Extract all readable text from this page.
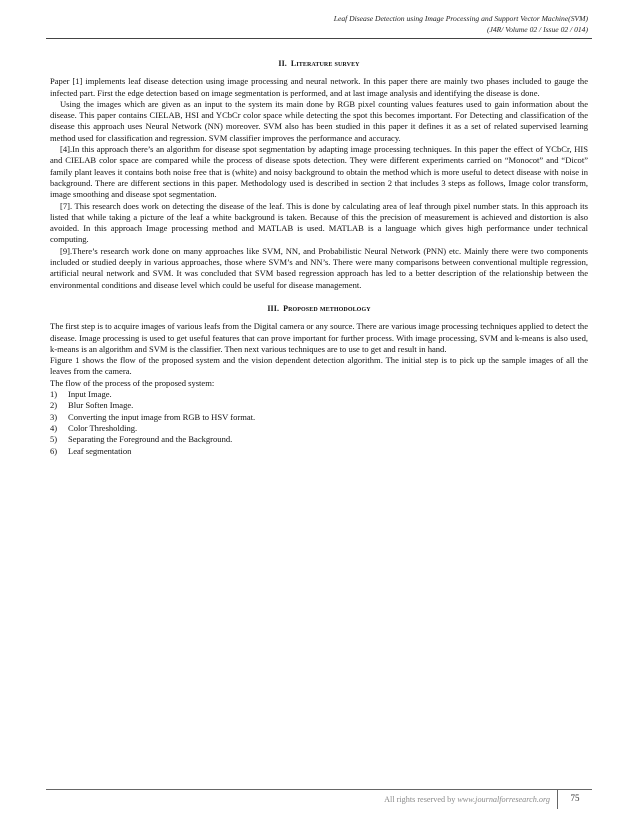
Leaf Disease Detection using Image Processing and Support Vector Machine(SVM)
(J4R/ Volume 02 / Issue 02 / 014)
II. Literature survey

Paper [1] implements leaf disease detection using image processing and neural network. In this paper there are mainly two phases included to gauge the infected part. First the edge detection based on image segmentation is performed, and at last image analysis and identifying the disease is done.

Using the images which are given as an input to the system its main done by RGB pixel counting values features used to gain information about the disease. This paper contains CIELAB, HSI and YCbCr color space while detecting the spot this becomes important. For Detecting and classification of the disease this approach uses Neural Network (NN) moreover. SVM also has been studied in this paper it defines it as a set of related supervised learning method used for classification and regression. SVM classifier improves the performance and accuracy.

[4].In this approach there’s an algorithm for disease spot segmentation by adapting image processing techniques. In this paper the effect of YCbCr, HIS and CIELAB color space are compared while the process of disease spots detection. They were different experiments carried on “Monocot” and “Dicot” family plant leaves it contains both noise free that is (white) and noisy background to obtain the method which is more useful to detect disease with noise in background. There are different sections in this paper. Methodology used is described in section 2 that includes 3 steps as follows, Image color transform, image smoothing and disease spot segmentation.

[7]. This research does work on detecting the disease of the leaf. This is done by calculating area of leaf through pixel number stats. In this approach its listed that while taking a picture of the leaf a white background is taken. Because of this the precision of measurement is achieved and distortion is also avoided. In this approach Image processing method and MATLAB is used. MATLAB is a language which gives high performance under technical computing.

[9].There’s research work done on many approaches like SVM, NN, and Probabilistic Neural Network (PNN) etc. Mainly there were two components included or studied deeply in various approaches, those where SVM’s and NN’s. There were many comparisons between conventional multiple regression, artificial neural network and SVM. It was concluded that SVM based regression approach has led to a better description of the relationship between the environmental conditions and disease level which could be useful for disease management.

III. Proposed methodology

The first step is to acquire images of various leafs from the Digital camera or any source. There are various image processing techniques applied to detect the disease. Image processing is used to get useful features that can prove important for further process. With image processing, SVM and k-means is also used, k-means is an algorithm and SVM is the classifier. Then next various techniques are to use to get and result in hand.

Figure 1 shows the flow of the proposed system and the vision dependent detection algorithm. The initial step is to pick up the sample images of all the leaves from the camera.

The flow of the process of the proposed system:

1)	Input Image.
2)	Blur Soften Image.
3)	Converting the input image from RGB to HSV format.
4)	Color Thresholding.
5)	Separating the Foreground and the Background.
6)	Leaf segmentation
All rights reserved by www.journalforresearch.org	75
